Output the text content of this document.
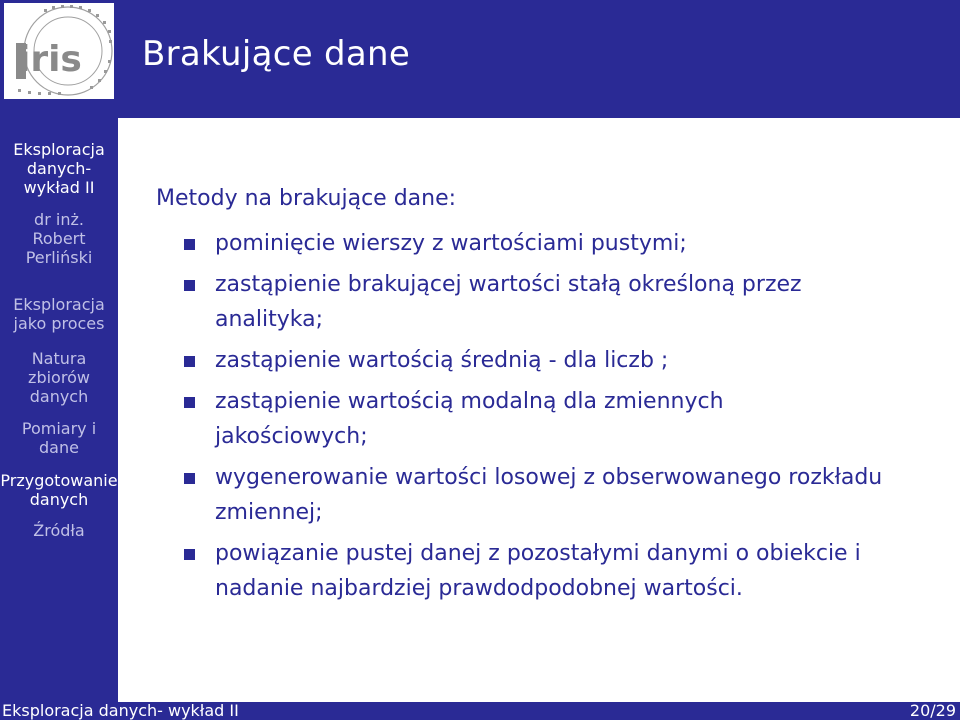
iris Brakujące dane
Eksploracja
danych-
wykład II
dr inż.
Robert
Perliński
Eksploracja
jako proces
Natura
zbiorów
danych
Pomiary i
dane
Przygotowanie
danych
Źródła
Metody na brakujące dane:
pominięcie wierszy z wartościami pustymi;
zastąpienie brakującej wartości stałą określoną przez
analityka;
zastąpienie wartością średnią - dla liczb ;
zastąpienie wartością modalną dla zmiennych
jakościowych;
wygenerowanie wartości losowej z obserwowanego rozkładu
zmiennej;
powiązanie pustej danej z pozostałymi danymi o obiekcie i
nadanie najbardziej prawdodpodobnej wartości.
Eksploracja danych- wykład II	20/29
